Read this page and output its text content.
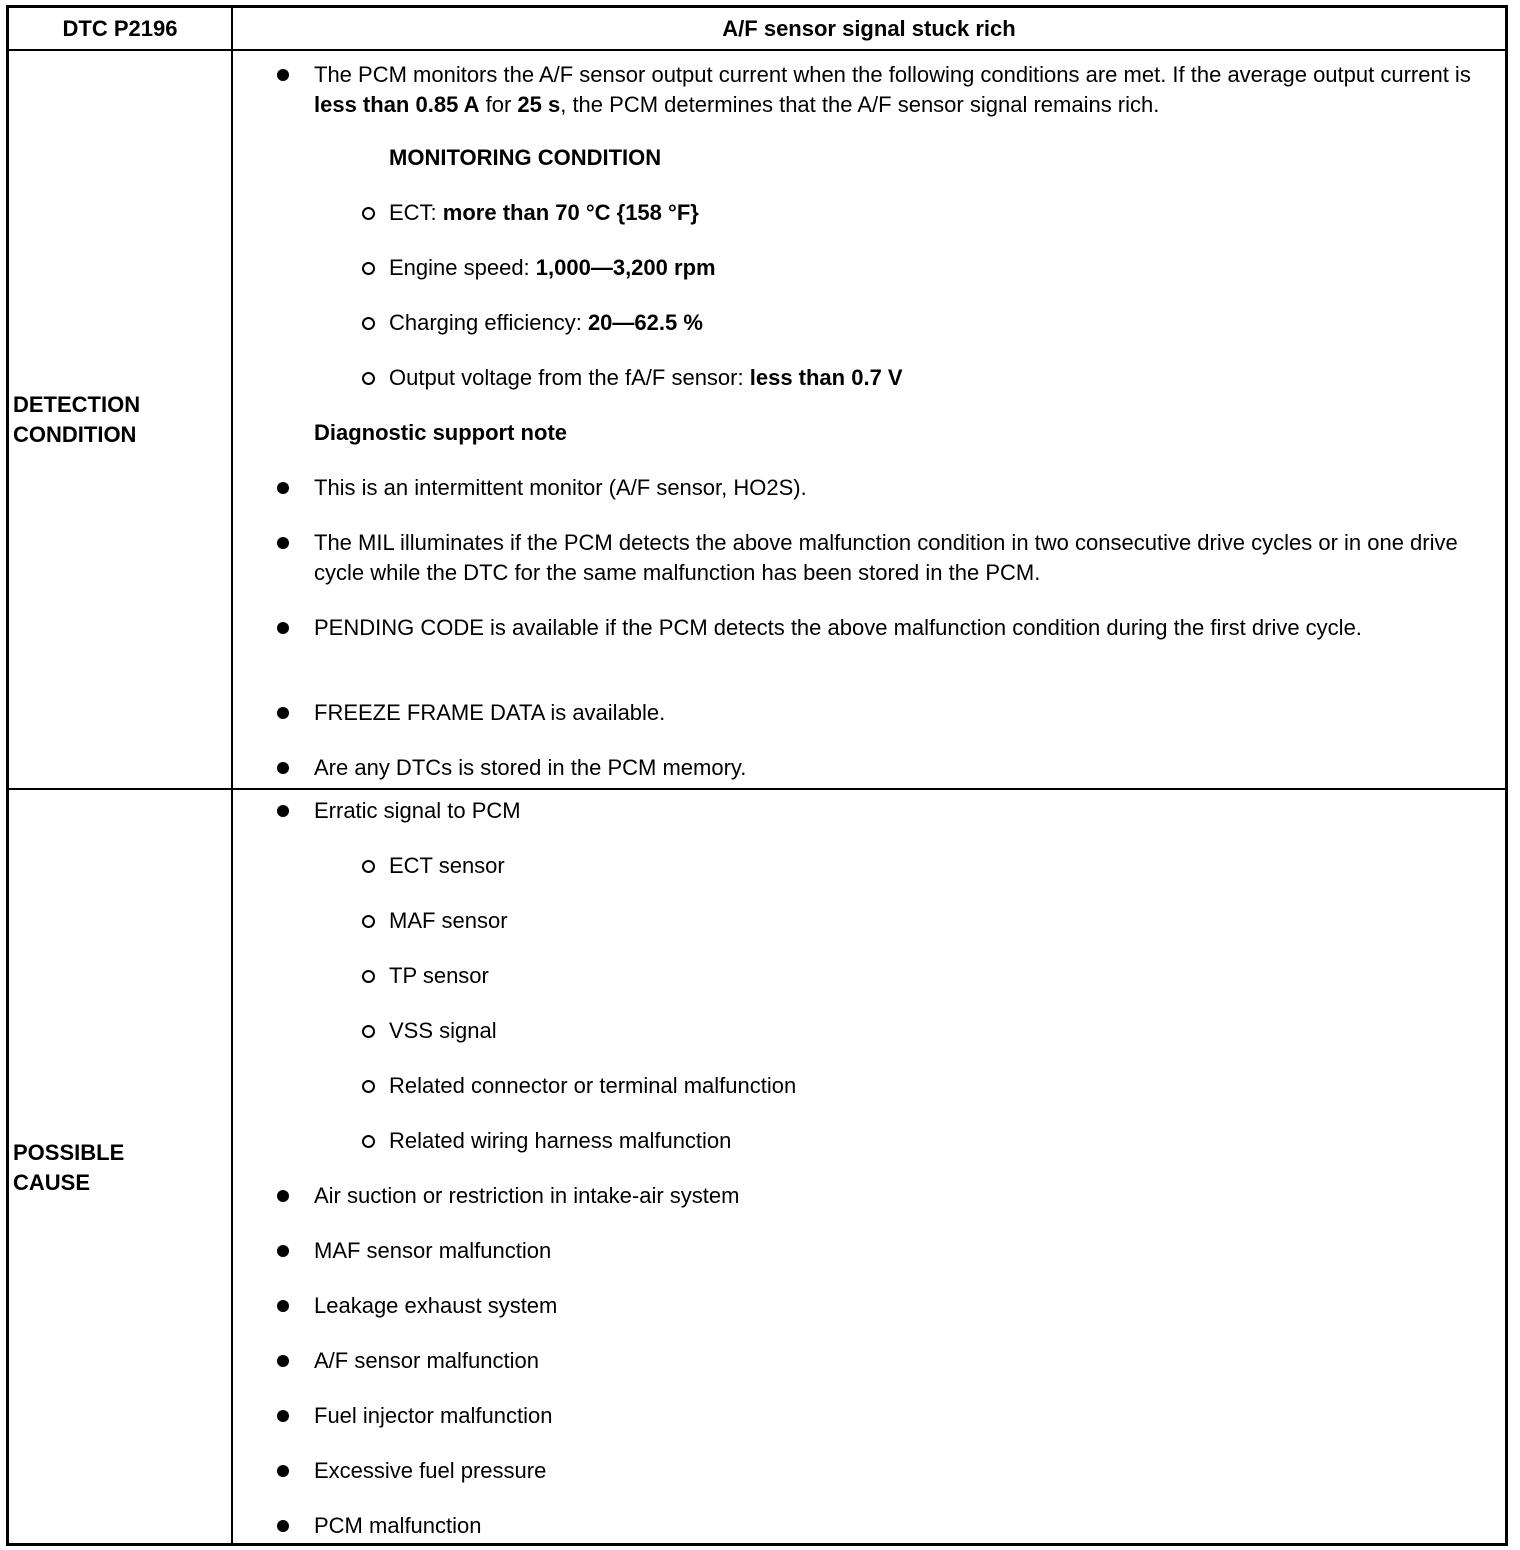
DTC P2196	A/F sensor signal stuck rich
DETECTION
CONDITION
The PCM monitors the A/F sensor output current when the following conditions are met. If the average output current is less than 0.85 A for 25 s, the PCM determines that the A/F sensor signal remains rich.
MONITORING CONDITION
ECT: more than 70 °C {158 °F}
Engine speed: 1,000—3,200 rpm
Charging efficiency: 20—62.5 %
Output voltage from the fA/F sensor: less than 0.7 V
Diagnostic support note
This is an intermittent monitor (A/F sensor, HO2S).
The MIL illuminates if the PCM detects the above malfunction condition in two consecutive drive cycles or in one drive cycle while the DTC for the same malfunction has been stored in the PCM.
PENDING CODE is available if the PCM detects the above malfunction condition during the first drive cycle.
FREEZE FRAME DATA is available.
Are any DTCs is stored in the PCM memory.
POSSIBLE
CAUSE
Erratic signal to PCM
ECT sensor
MAF sensor
TP sensor
VSS signal
Related connector or terminal malfunction
Related wiring harness malfunction
Air suction or restriction in intake-air system
MAF sensor malfunction
Leakage exhaust system
A/F sensor malfunction
Fuel injector malfunction
Excessive fuel pressure
PCM malfunction
